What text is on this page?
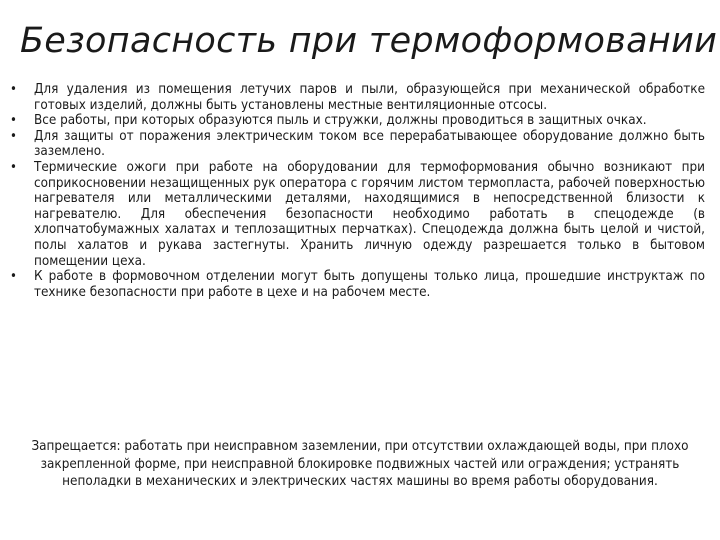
Безопасность при термоформовании
• Для удаления из помещения летучих паров и пыли, образующейся при механической обработке готовых изделий, должны быть установлены местные вентиляционные отсосы.
• Все работы, при которых образуются пыль и стружки, должны проводиться в защитных очках.
• Для защиты от поражения электрическим током все перерабатывающее оборудование должно быть заземлено.
• Термические ожоги при работе на оборудовании для термоформования обычно возникают при соприкосновении незащищенных рук оператора с горячим листом термопласта, рабочей поверхностью нагревателя или металлическими деталями, находящимися в непосредственной близости к нагревателю. Для обеспечения безопасности необходимо работать в спецодежде (в хлопчатобумажных халатах и теплозащитных перчатках). Спецодежда должна быть целой и чистой, полы халатов и рукава застегнуты. Хранить личную одежду разрешается только в бытовом помещении цеха.
• К работе в формовочном отделении могут быть допущены только лица, прошедшие инструктаж по технике безопасности при работе в цехе и на рабочем месте.

Запрещается: работать при неисправном заземлении, при отсутствии охлаждающей воды, при плохо закрепленной форме, при неисправной блокировке подвижных частей или ограждения; устранять неполадки в механических и электрических частях машины во время работы оборудования.
